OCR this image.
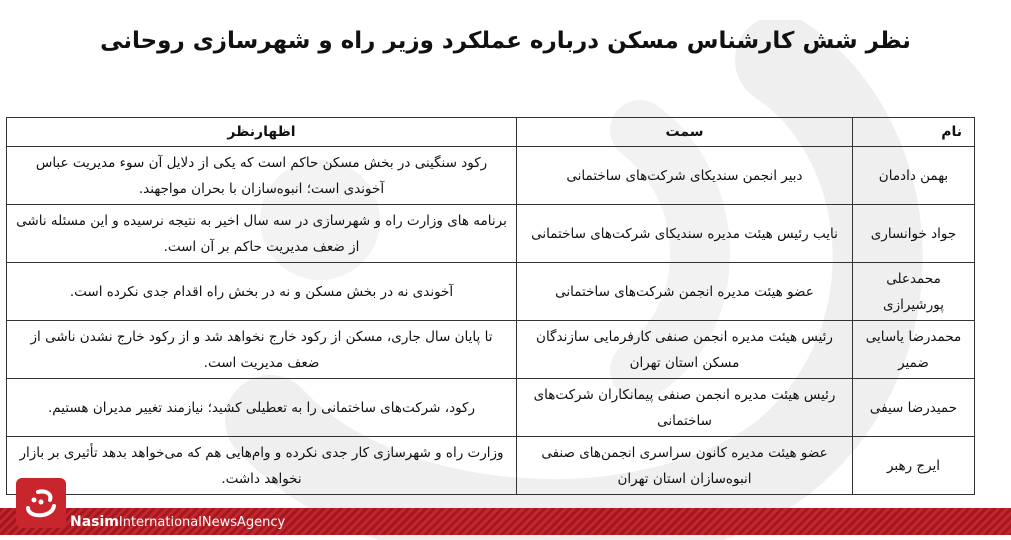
نظر شش کارشناس مسکن درباره عملکرد وزیر راه و شهرسازی روحانی
نام	سمت	اظهارنظر
بهمن دادمان	دبیر انجمن سندیکای شرکت‌های ساختمانی	رکود سنگینی در بخش مسکن حاکم است که یکی از دلایل آن سوء مدیریت عباس آخوندی است؛ انبوه‌سازان با بحران مواجهند.
جواد خوانساری	نایب رئیس هیئت مدیره سندیکای شرکت‌های ساختمانی	برنامه های وزارت راه و شهرسازی در سه سال اخیر به نتیجه نرسیده و این مسئله ناشی از ضعف مدیریت حاکم بر آن است.
محمدعلی پورشیرازی	عضو هیئت مدیره انجمن شرکت‌های ساختمانی	آخوندی نه در بخش مسکن و نه در بخش راه اقدام جدی نکرده است.
محمدرضا یاسایی ضمیر	رئیس هیئت مدیره انجمن صنفی کارفرمایی سازندگان مسکن استان تهران	تا پایان سال جاری، مسکن از رکود خارج نخواهد شد و از رکود خارج نشدن ناشی از ضعف مدیریت است.
حمیدرضا سیفی	رئیس هیئت مدیره انجمن صنفی پیمانکاران شرکت‌های ساختمانی	رکود، شرکت‌های ساختمانی را به تعطیلی کشید؛ نیازمند تغییر مدیران هستیم.
ایرج رهبر	عضو هیئت مدیره کانون سراسری انجمن‌های صنفی انبوه‌سازان استان تهران	وزارت راه و شهرسازی کار جدی نکرده و وام‌هایی هم که می‌خواهد بدهد تأثیری بر بازار نخواهد داشت.
NasimInternationalNewsAgency
